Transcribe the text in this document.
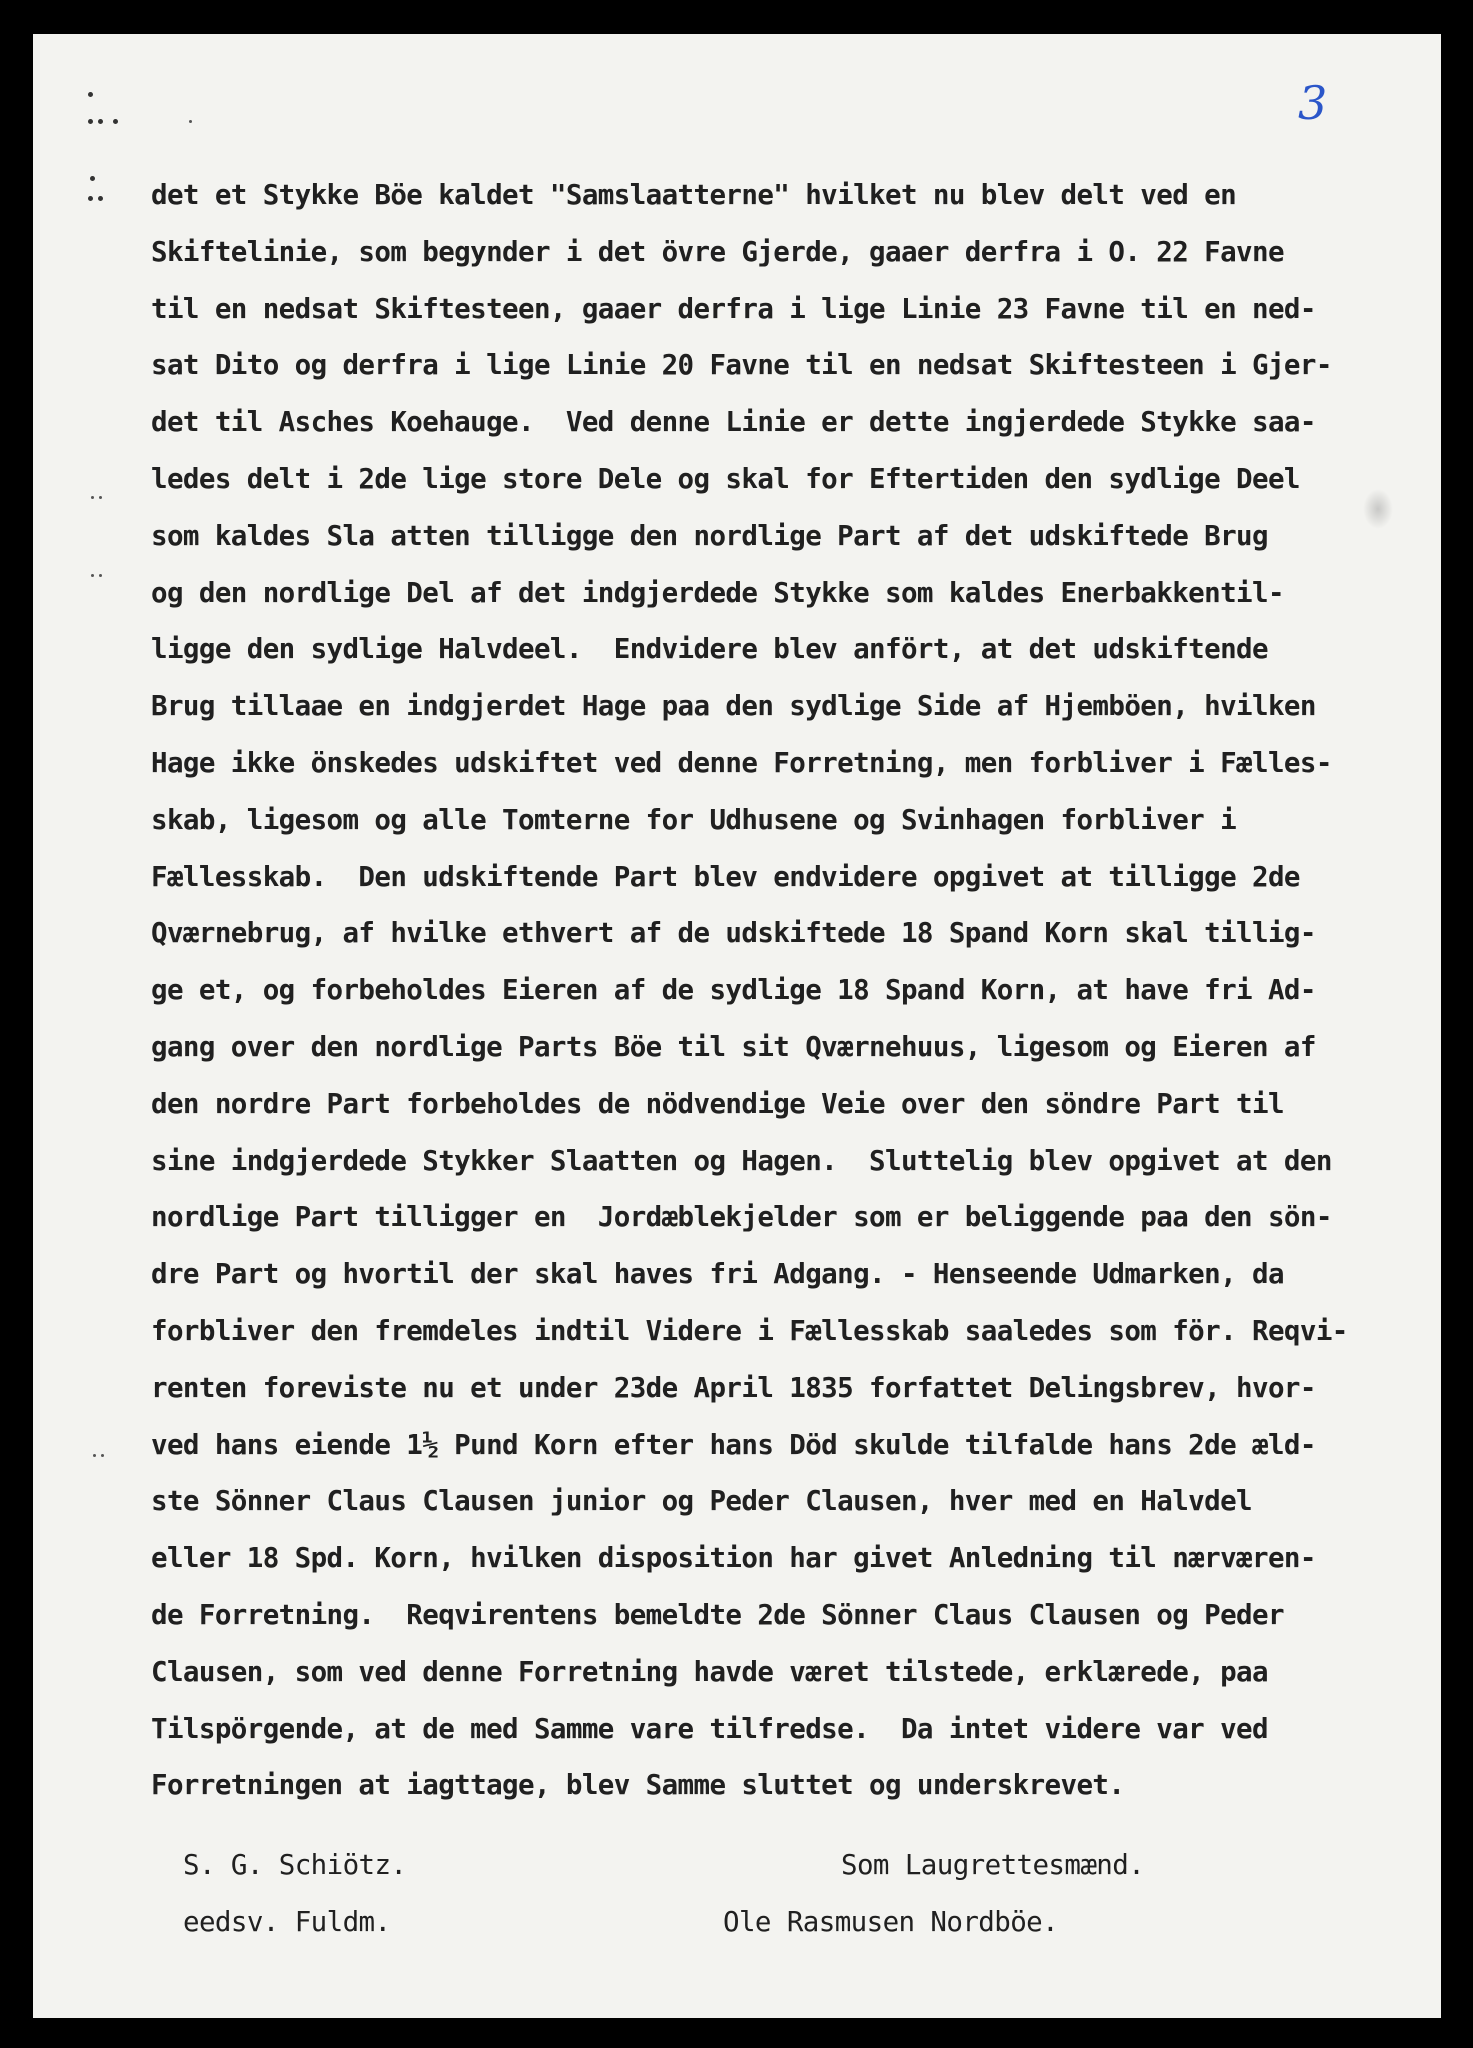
3
det et Stykke Böe kaldet "Samslaatterne" hvilket nu blev delt ved en
Skiftelinie, som begynder i det övre Gjerde, gaaer derfra i O. 22 Favne
til en nedsat Skiftesteen, gaaer derfra i lige Linie 23 Favne til en ned-
sat Dito og derfra i lige Linie 20 Favne til en nedsat Skiftesteen i Gjer-
det til Asches Koehauge.  Ved denne Linie er dette ingjerdede Stykke saa-
ledes delt i 2de lige store Dele og skal for Eftertiden den sydlige Deel
som kaldes Sla atten tilligge den nordlige Part af det udskiftede Brug
og den nordlige Del af det indgjerdede Stykke som kaldes Enerbakkentil-
ligge den sydlige Halvdeel.  Endvidere blev anfört, at det udskiftende
Brug tillaae en indgjerdet Hage paa den sydlige Side af Hjemböen, hvilken
Hage ikke önskedes udskiftet ved denne Forretning, men forbliver i Fælles-
skab, ligesom og alle Tomterne for Udhusene og Svinhagen forbliver i
Fællesskab.  Den udskiftende Part blev endvidere opgivet at tilligge 2de
Qværnebrug, af hvilke ethvert af de udskiftede 18 Spand Korn skal tillig-
ge et, og forbeholdes Eieren af de sydlige 18 Spand Korn, at have fri Ad-
gang over den nordlige Parts Böe til sit Qværnehuus, ligesom og Eieren af
den nordre Part forbeholdes de nödvendige Veie over den söndre Part til
sine indgjerdede Stykker Slaatten og Hagen.  Sluttelig blev opgivet at den
nordlige Part tilligger en  Jordæblekjelder som er beliggende paa den sön-
dre Part og hvortil der skal haves fri Adgang. - Henseende Udmarken, da
forbliver den fremdeles indtil Videre i Fællesskab saaledes som för. Reqvi-
renten foreviste nu et under 23de April 1835 forfattet Delingsbrev, hvor-
ved hans eiende 1½ Pund Korn efter hans Död skulde tilfalde hans 2de æld-
ste Sönner Claus Clausen junior og Peder Clausen, hver med en Halvdel
eller 18 Spd. Korn, hvilken disposition har givet Anledning til nærværen-
de Forretning.  Reqvirentens bemeldte 2de Sönner Claus Clausen og Peder
Clausen, som ved denne Forretning havde været tilstede, erklærede, paa
Tilspörgende, at de med Samme vare tilfredse.  Da intet videre var ved
Forretningen at iagttage, blev Samme sluttet og underskrevet.
S. G. Schiötz.
eedsv. Fuldm.
Som Laugrettesmænd.
Ole Rasmusen Nordböe.
